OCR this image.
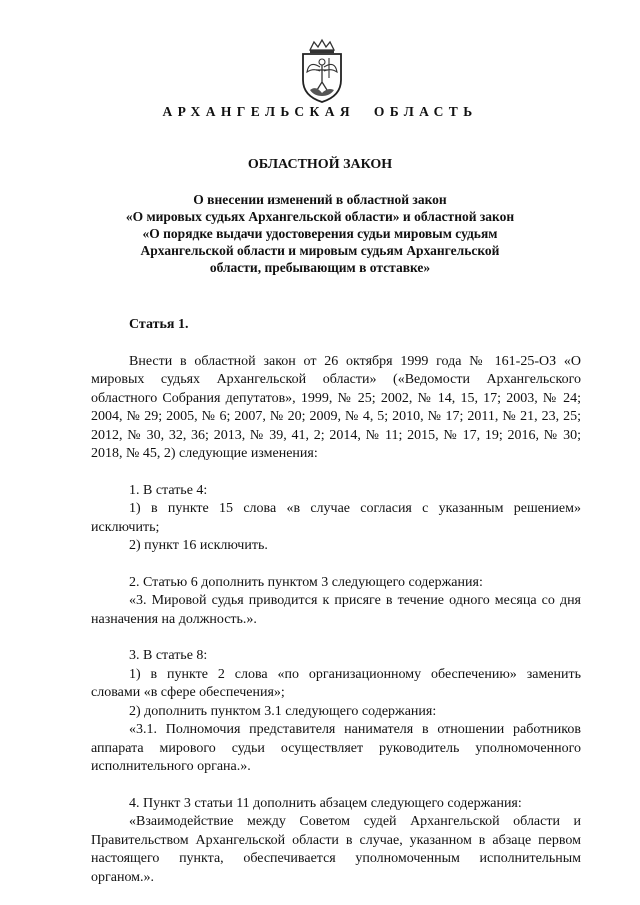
АРХАНГЕЛЬСКАЯ ОБЛАСТЬ
ОБЛАСТНОЙ ЗАКОН
О внесении изменений в областной закон
«О мировых судьях Архангельской области» и областной закон
«О порядке выдачи удостоверения судьи мировым судьям
Архангельской области и мировым судьям Архангельской
области, пребывающим в отставке»
Статья 1.

Внести в областной закон от 26 октября 1999 года № 161-25-ОЗ «О мировых судьях Архангельской области» («Ведомости Архангельского областного Собрания депутатов», 1999, № 25; 2002, № 14, 15, 17; 2003, № 24; 2004, № 29; 2005, № 6; 2007, № 20; 2009, № 4, 5; 2010, № 17; 2011, № 21, 23, 25; 2012, № 30, 32, 36; 2013, № 39, 41, 2; 2014, № 11; 2015, № 17, 19; 2016, № 30; 2018, № 45, 2) следующие изменения:

1. В статье 4:

1) в пункте 15 слова «в случае согласия с указанным решением» исключить;

2) пункт 16 исключить.

2. Статью 6 дополнить пунктом 3 следующего содержания:

«3. Мировой судья приводится к присяге в течение одного месяца со дня назначения на должность.».

3. В статье 8:

1) в пункте 2 слова «по организационному обеспечению» заменить словами «в сфере обеспечения»;

2) дополнить пунктом 3.1 следующего содержания:

«3.1. Полномочия представителя нанимателя в отношении работников аппарата мирового судьи осуществляет руководитель уполномоченного исполнительного органа.».

4. Пункт 3 статьи 11 дополнить абзацем следующего содержания:

«Взаимодействие между Советом судей Архангельской области и Правительством Архангельской области в случае, указанном в абзаце первом настоящего пункта, обеспечивается уполномоченным исполнительным органом.».
